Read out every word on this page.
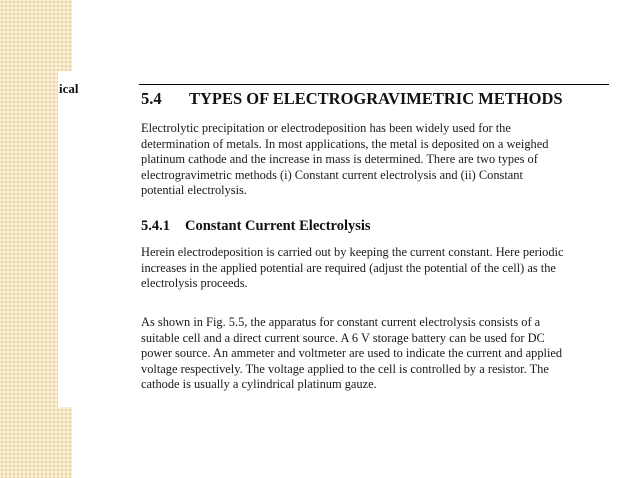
ical
5.4 TYPES OF ELECTROGRAVIMETRIC METHODS

Electrolytic precipitation or electrodeposition has been widely used for the
determination of metals. In most applications, the metal is deposited on a weighed
platinum cathode and the increase in mass is determined. There are two types of
electrogravimetric methods (i) Constant current electrolysis and (ii) Constant
potential electrolysis.

5.4.1 Constant Current Electrolysis

Herein electrodeposition is carried out by keeping the current constant. Here periodic
increases in the applied potential are required (adjust the potential of the cell) as the
electrolysis proceeds.

As shown in Fig. 5.5, the apparatus for constant current electrolysis consists of a
suitable cell and a direct current source. A 6 V storage battery can be used for DC
power source. An ammeter and voltmeter are used to indicate the current and applied
voltage respectively. The voltage applied to the cell is controlled by a resistor. The
cathode is usually a cylindrical platinum gauze.
